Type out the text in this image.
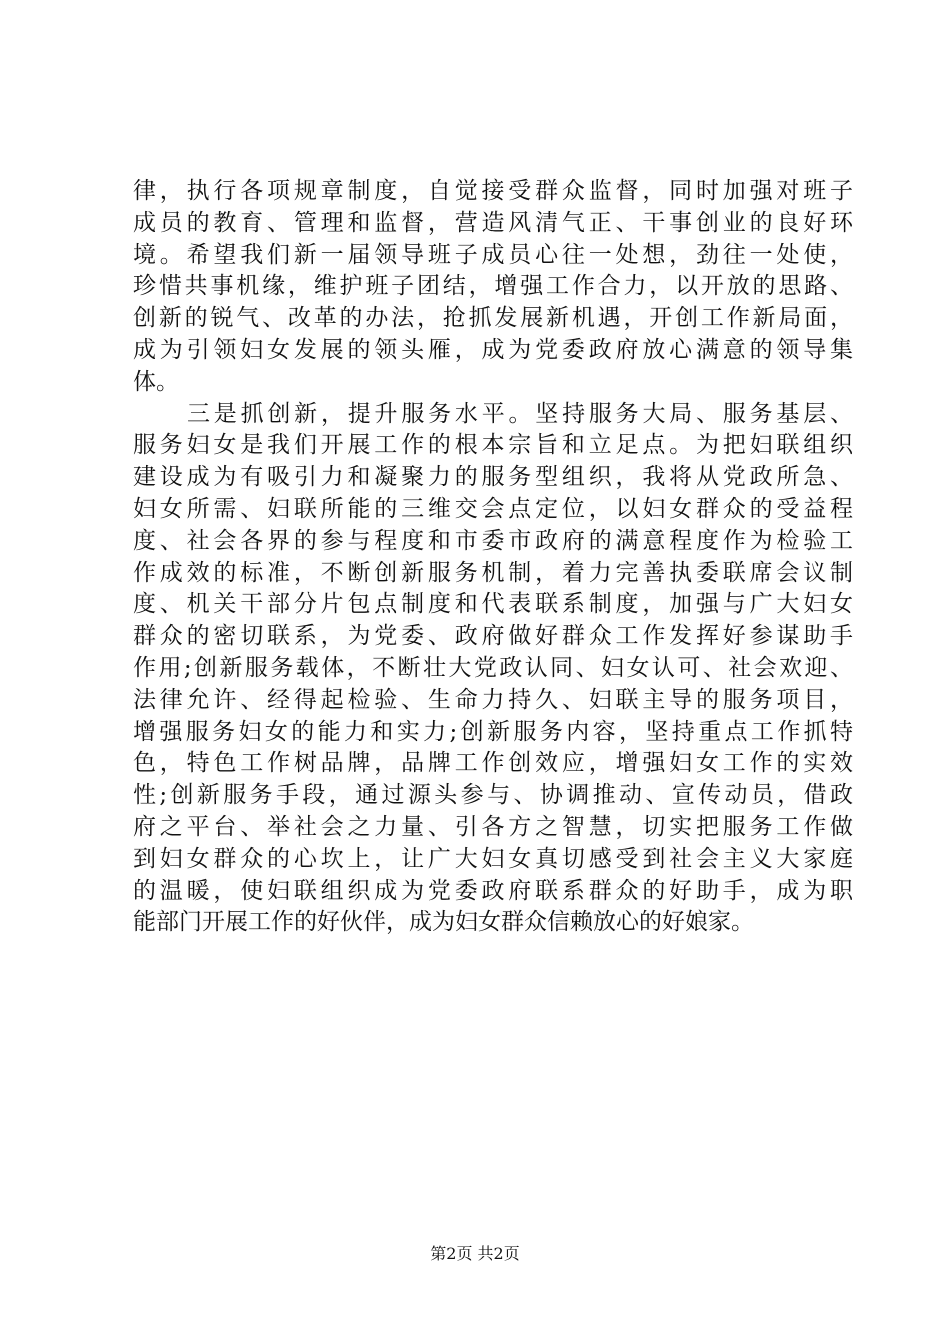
律，执行各项规章制度，自觉接受群众监督，同时加强对班子
成员的教育、管理和监督，营造风清气正、干事创业的良好环
境。希望我们新一届领导班子成员心往一处想，劲往一处使，
珍惜共事机缘，维护班子团结，增强工作合力，以开放的思路、
创新的锐气、改革的办法，抢抓发展新机遇，开创工作新局面，
成为引领妇女发展的领头雁，成为党委政府放心满意的领导集
体。
三是抓创新，提升服务水平。坚持服务大局、服务基层、
服务妇女是我们开展工作的根本宗旨和立足点。为把妇联组织
建设成为有吸引力和凝聚力的服务型组织，我将从党政所急、
妇女所需、妇联所能的三维交会点定位，以妇女群众的受益程
度、社会各界的参与程度和市委市政府的满意程度作为检验工
作成效的标准，不断创新服务机制，着力完善执委联席会议制
度、机关干部分片包点制度和代表联系制度，加强与广大妇女
群众的密切联系，为党委、政府做好群众工作发挥好参谋助手
作用;创新服务载体，不断壮大党政认同、妇女认可、社会欢迎、
法律允许、经得起检验、生命力持久、妇联主导的服务项目，
增强服务妇女的能力和实力;创新服务内容，坚持重点工作抓特
色，特色工作树品牌，品牌工作创效应，增强妇女工作的实效
性;创新服务手段，通过源头参与、协调推动、宣传动员，借政
府之平台、举社会之力量、引各方之智慧，切实把服务工作做
到妇女群众的心坎上，让广大妇女真切感受到社会主义大家庭
的温暖，使妇联组织成为党委政府联系群众的好助手，成为职
能部门开展工作的好伙伴，成为妇女群众信赖放心的好娘家。
第2页 共2页
